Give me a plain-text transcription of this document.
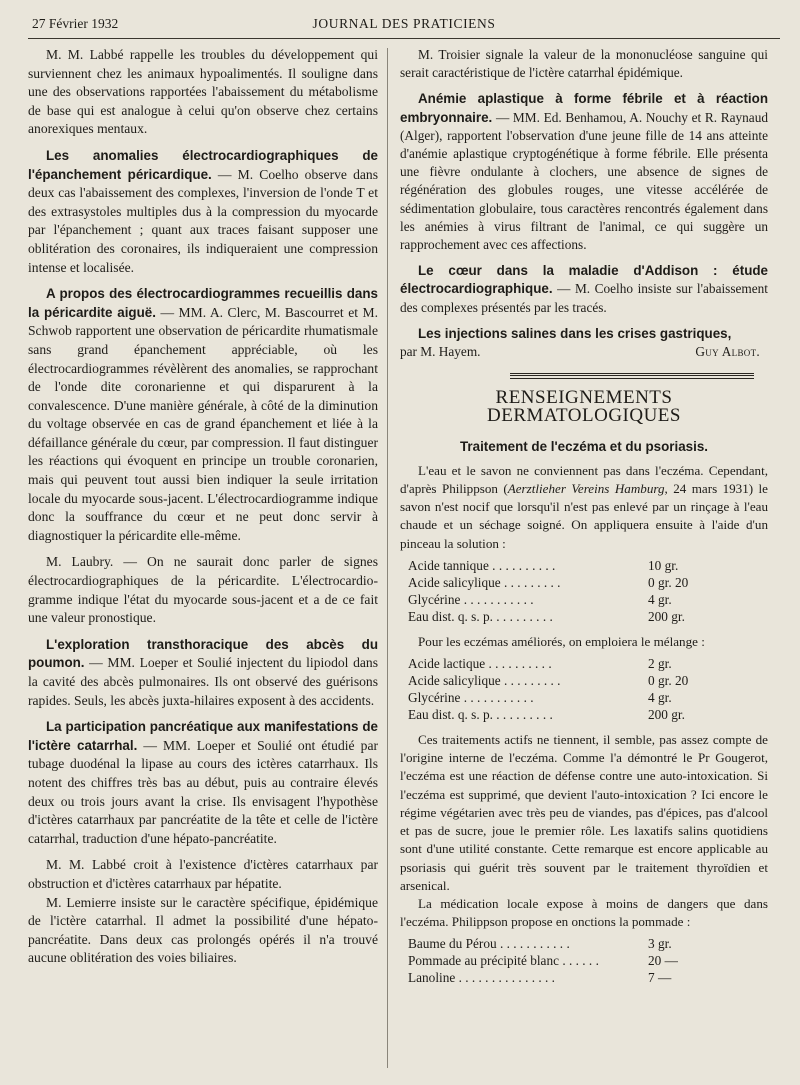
27 Février 1932	JOURNAL DES PRATICIENS

M. M. Labbé rappelle les troubles du développement qui surviennent chez les animaux hypoalimentés. Il souligne dans une des observations rapportées l'abaissement du métabolisme de base qui est analogue à celui qu'on observe chez certains anorexiques mentaux.

Les anomalies électrocardiographiques de l'épanchement péricardique. — M. Coelho observe dans deux cas l'abaissement des complexes, l'inversion de l'onde T et des extrasystoles multiples dus à la compression du myocarde par l'épanchement ; quant aux traces faisant supposer une oblitération des coronaires, ils indiqueraient une compression intense et localisée.

A propos des électrocardiogrammes recueillis dans la péricardite aiguë. — MM. A. Clerc, M. Bascourret et M. Schwob rapportent une observation de péricardite rhumatismale sans grand épanchement appréciable, où les électrocardiogrammes révèlèrent des anomalies, se rapprochant de l'onde dite coronarienne et qui disparurent à la convalescence. D'une manière générale, à côté de la diminution du voltage observée en cas de grand épanchement et liée à la défaillance générale du cœur, par compression. Il faut distinguer les réactions qui évoquent en principe un trouble coronarien, mais qui peuvent tout aussi bien indiquer la seule irritation locale du myocarde sous-jacent. L'électrocardiogramme indique donc la souffrance du cœur et ne peut donc servir à diagnostiquer la péricardite elle-même.

M. Laubry. — On ne saurait donc parler de signes électrocardiographiques de la péricardite. L'électrocardio-gramme indique l'état du myocarde sous-jacent et a de ce fait une valeur pronostique.

L'exploration transthoracique des abcès du poumon. — MM. Loeper et Soulié injectent du lipiodol dans la cavité des abcès pulmonaires. Ils ont observé des guérisons rapides. Seuls, les abcès juxta-hilaires exposent à des accidents.

La participation pancréatique aux manifestations de l'ictère catarrhal. — MM. Loeper et Soulié ont étudié par tubage duodénal la lipase au cours des ictères catarrhaux. Ils notent des chiffres très bas au début, puis au contraire élevés deux ou trois jours avant la crise. Ils envisagent l'hypothèse d'ictères catarrhaux par pancréatite de la tête et celle de l'ictère catarrhal, traduction d'une hépato-pancréatite.

M. M. Labbé croit à l'existence d'ictères catarrhaux par obstruction et d'ictères catarrhaux par hépatite.

M. Lemierre insiste sur le caractère spécifique, épidémique de l'ictère catarrhal. Il admet la possibilité d'une hépato-pancréatite. Dans deux cas prolongés opérés il n'a trouvé aucune oblitération des voies biliaires.

M. Troisier signale la valeur de la mononucléose sanguine qui serait caractéristique de l'ictère catarrhal épidémique.

Anémie aplastique à forme fébrile et à réaction embryonnaire. — MM. Ed. Benhamou, A. Nouchy et R. Raynaud (Alger), rapportent l'observation d'une jeune fille de 14 ans atteinte d'anémie aplastique cryptogénétique à forme fébrile. Elle présenta une fièvre ondulante à clochers, une absence de signes de régénération des globules rouges, une vitesse accélérée de sédimentation globulaire, tous caractères rencontrés également dans les anémies à virus filtrant de l'animal, ce qui suggère un rapprochement avec ces affections.

Le cœur dans la maladie d'Addison : étude électrocardiographique. — M. Coelho insiste sur l'abaissement des complexes présentés par les tracés.

Les injections salines dans les crises gastriques,

par M. Hayem.	Guy Albot.
RENSEIGNEMENTS DERMATOLOGIQUES
Traitement de l'eczéma et du psoriasis.

L'eau et le savon ne conviennent pas dans l'eczéma. Cependant, d'après Philippson (Aerztlieher Vereins Hamburg, 24 mars 1931) le savon n'est nocif que lorsqu'il n'est pas enlevé par un rinçage à l'eau chaude et un séchage soigné. On appliquera ensuite à l'aide d'un pinceau la solution :

Acide tannique . . . . . . . . . .	10 gr.
Acide salicylique . . . . . . . . .	0 gr. 20
Glycérine . . . . . . . . . . .	4 gr.
Eau dist. q. s. p. . . . . . . . . .	200 gr.

Pour les eczémas améliorés, on emploiera le mélange :

Acide lactique . . . . . . . . . .	2 gr.
Acide salicylique . . . . . . . . .	0 gr. 20
Glycérine . . . . . . . . . . .	4 gr.
Eau dist. q. s. p. . . . . . . . . .	200 gr.

Ces traitements actifs ne tiennent, il semble, pas assez compte de l'origine interne de l'eczéma. Comme l'a démontré le Pr Gougerot, l'eczéma est une réaction de défense contre une auto-intoxication. Si l'eczéma est supprimé, que devient l'auto-intoxication ? Ici encore le régime végétarien avec très peu de viandes, pas d'épices, pas d'alcool et pas de sucre, joue le premier rôle. Les laxatifs salins quotidiens sont d'une utilité constante. Cette remarque est encore applicable au psoriasis qui guérit très souvent par le traitement thyroïdien et arsenical.

La médication locale expose à moins de dangers que dans l'eczéma. Philippson propose en onctions la pommade :

Baume du Pérou . . . . . . . . . . .	3 gr.
Pommade au précipité blanc . . . . . .	20 —
Lanoline . . . . . . . . . . . . . . .	7 —
